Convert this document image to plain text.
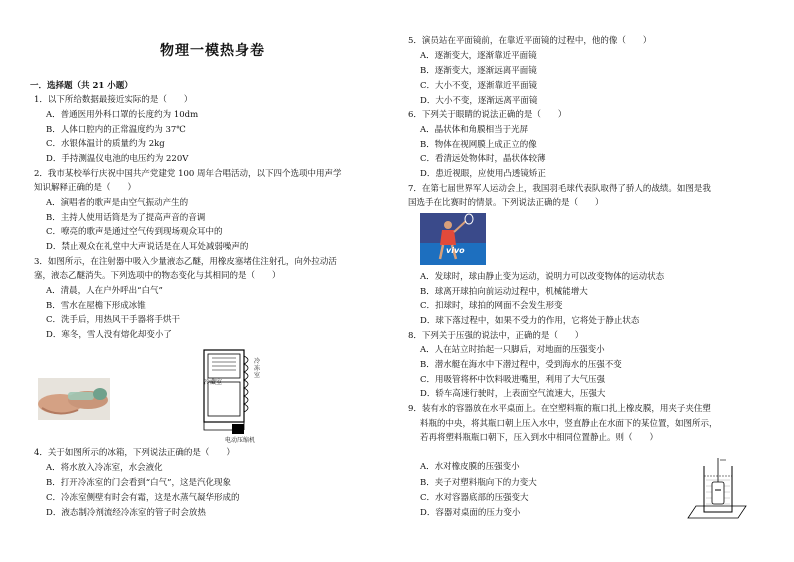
物理一模热身卷
一．选择题（共 21 小题）
1．以下所给数据最接近实际的是（　　）
A．普通医用外科口罩的长度约为 10dm
B．人体口腔内的正常温度约为 37℃
C．水银体温计的质量约为 2kg
D．手持测温仪电池的电压约为 220V
2．我市某校举行庆祝中国共产党建党 100 周年合唱活动，以下四个选项中用声学
知识解释正确的是（　　）
A．演唱者的歌声是由空气振动产生的
B．主持人使用话筒是为了提高声音的音调
C．嘹亮的歌声是通过空气传到现场观众耳中的
D．禁止观众在礼堂中大声说话是在人耳处减弱噪声的
3．如图所示，在注射器中吸入少量液态乙醚，用橡皮塞堵住注射孔，向外拉动活
塞，液态乙醚消失。下列选项中的物态变化与其相同的是（　　）
A．清晨，人在户外呼出“白气”
B．雪水在屋檐下形成冰锥
C．洗手后，用热风干手器将手烘干
D．寒冬，雪人没有熔化却变小了
冷藏室
冷冻室
电动压缩机
4．关于如图所示的冰箱，下列说法正确的是（　　）
A．将水放入冷冻室，水会液化
B．打开冷冻室的门会看到“白气”，这是汽化现象
C．冷冻室侧壁有时会有霜，这是水蒸气凝华形成的
D．液态制冷剂流经冷冻室的管子时会放热
5．演员站在平面镜前，在靠近平面镜的过程中，他的像（　　）
A．逐渐变大，逐渐靠近平面镜
B．逐渐变大，逐渐远离平面镜
C．大小不变，逐渐靠近平面镜
D．大小不变，逐渐远离平面镜
6．下列关于眼睛的说法正确的是（　　）
A．晶状体和角膜相当于光屏
B．物体在视网膜上成正立的像
C．看清远处物体时，晶状体较薄
D．患近视眼，应使用凸透镜矫正
7．在第七届世界军人运动会上，我国羽毛球代表队取得了骄人的战绩。如图是我
国选手在比赛时的情景。下列说法正确的是（　　）
vivo
A．发球时，球由静止变为运动，说明力可以改变物体的运动状态
B．球离开球拍向前运动过程中，机械能增大
C．扣球时，球拍的网面不会发生形变
D．球下落过程中，如果不受力的作用，它将处于静止状态
8．下列关于压强的说法中，正确的是（　　）
A．人在站立时抬起一只脚后，对地面的压强变小
B．潜水艇在海水中下潜过程中，受到海水的压强不变
C．用吸管将杯中饮料吸进嘴里，利用了大气压强
D．轿车高速行驶时，上表面空气流速大，压强大
9．装有水的容器放在水平桌面上。在空塑料瓶的瓶口扎上橡皮膜，用夹子夹住塑
料瓶的中央，将其瓶口朝上压入水中，竖直静止在水面下的某位置，如图所示，
若再将塑料瓶瓶口朝下，压入到水中相同位置静止。则（　　）
A．水对橡皮膜的压强变小
B．夹子对塑料瓶向下的力变大
C．水对容器底部的压强变大
D．容器对桌面的压力变小
